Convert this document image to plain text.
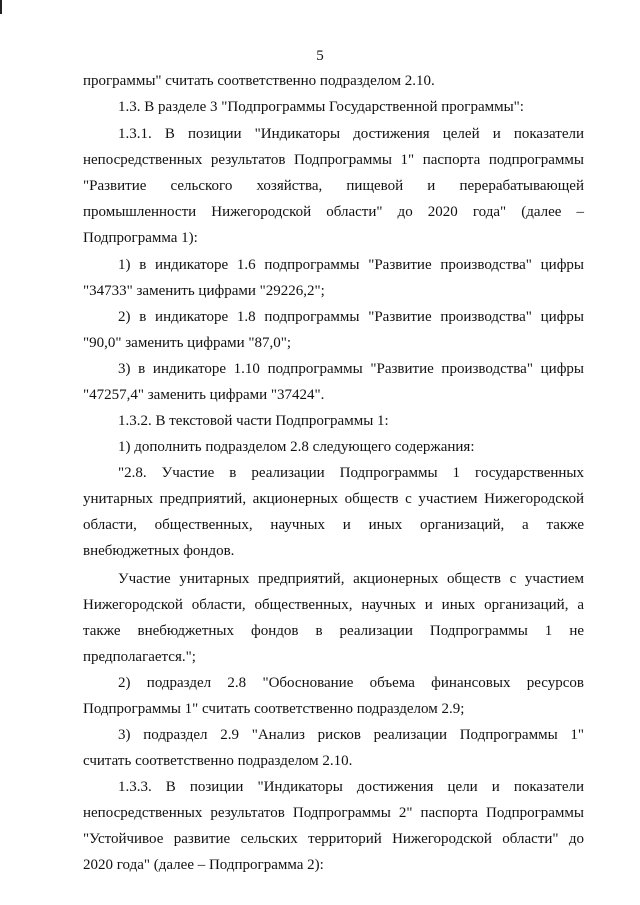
5
программы" считать соответственно подразделом 2.10.
1.3. В разделе 3 "Подпрограммы Государственной программы":
1.3.1. В позиции "Индикаторы достижения целей и показатели
непосредственных результатов Подпрограммы 1" паспорта подпрограммы
"Развитие сельского хозяйства, пищевой и перерабатывающей
промышленности Нижегородской области" до 2020 года" (далее –
Подпрограмма 1):
1) в индикаторе 1.6 подпрограммы "Развитие производства" цифры
"34733" заменить цифрами "29226,2";
2) в индикаторе 1.8 подпрограммы "Развитие производства" цифры
"90,0" заменить цифрами "87,0";
3) в индикаторе 1.10 подпрограммы "Развитие производства" цифры
"47257,4" заменить цифрами "37424".
1.3.2. В текстовой части Подпрограммы 1:
1) дополнить подразделом 2.8 следующего содержания:
"2.8. Участие в реализации Подпрограммы 1 государственных
унитарных предприятий, акционерных обществ с участием Нижегородской
области, общественных, научных и иных организаций, а также
внебюджетных фондов.
Участие унитарных предприятий, акционерных обществ с участием
Нижегородской области, общественных, научных и иных организаций, а
также внебюджетных фондов в реализации Подпрограммы 1 не
предполагается.";
2) подраздел 2.8 "Обоснование объема финансовых ресурсов
Подпрограммы 1" считать соответственно подразделом 2.9;
3) подраздел 2.9 "Анализ рисков реализации Подпрограммы 1"
считать соответственно подразделом 2.10.
1.3.3. В позиции "Индикаторы достижения цели и показатели
непосредственных результатов Подпрограммы 2" паспорта Подпрограммы
"Устойчивое развитие сельских территорий Нижегородской области" до
2020 года" (далее – Подпрограмма 2):
